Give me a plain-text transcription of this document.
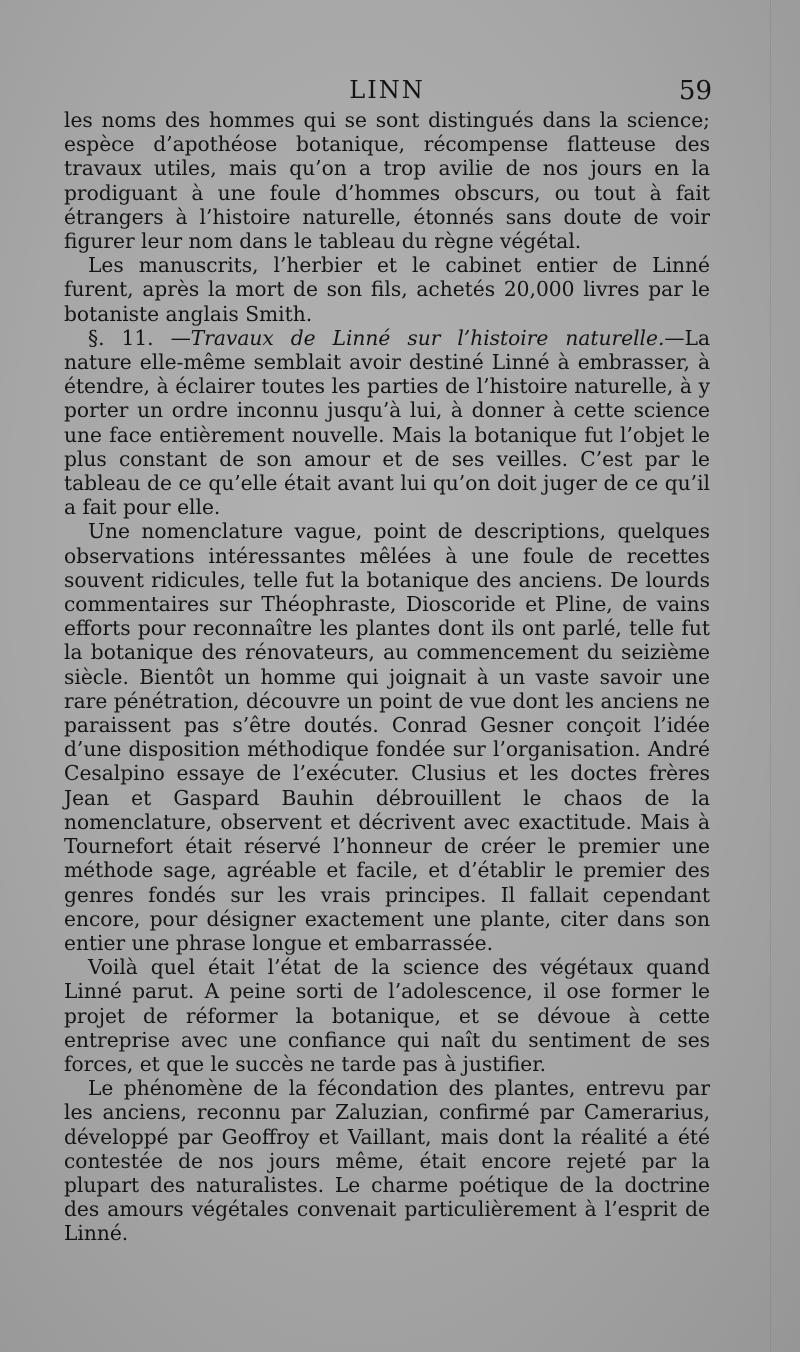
LINN	59

les noms des hommes qui se sont distingués dans la science; espèce d’apothéose botanique, récompense flatteuse des travaux utiles, mais qu’on a trop avilie de nos jours en la prodiguant à une foule d’hommes obscurs, ou tout à fait étrangers à l’histoire naturelle, étonnés sans doute de voir figurer leur nom dans le tableau du règne végétal.

Les manuscrits, l’herbier et le cabinet entier de Linné furent, après la mort de son fils, achetés 20,000 livres par le botaniste anglais Smith.

§. 11. —Travaux de Linné sur l’histoire naturelle.—La nature elle-même semblait avoir destiné Linné à embrasser, à étendre, à éclairer toutes les parties de l’histoire naturelle, à y porter un ordre inconnu jusqu’à lui, à donner à cette science une face entièrement nouvelle. Mais la botanique fut l’objet le plus constant de son amour et de ses veilles. C’est par le tableau de ce qu’elle était avant lui qu’on doit juger de ce qu’il a fait pour elle.

Une nomenclature vague, point de descriptions, quelques observations intéressantes mêlées à une foule de recettes souvent ridicules, telle fut la botanique des anciens. De lourds commentaires sur Théophraste, Dioscoride et Pline, de vains efforts pour reconnaître les plantes dont ils ont parlé, telle fut la botanique des rénovateurs, au commencement du seizième siècle. Bientôt un homme qui joignait à un vaste savoir une rare pénétration, découvre un point de vue dont les anciens ne paraissent pas s’être doutés. Conrad Gesner conçoit l’idée d’une disposition méthodique fondée sur l’organisation. André Cesalpino essaye de l’exécuter. Clusius et les doctes frères Jean et Gaspard Bauhin débrouillent le chaos de la nomenclature, observent et décrivent avec exactitude. Mais à Tournefort était réservé l’honneur de créer le premier une méthode sage, agréable et facile, et d’établir le premier des genres fondés sur les vrais principes. Il fallait cependant encore, pour désigner exactement une plante, citer dans son entier une phrase longue et embarrassée.

Voilà quel était l’état de la science des végétaux quand Linné parut. A peine sorti de l’adolescence, il ose former le projet de réformer la botanique, et se dévoue à cette entreprise avec une confiance qui naît du sentiment de ses forces, et que le succès ne tarde pas à justifier.

Le phénomène de la fécondation des plantes, entrevu par les anciens, reconnu par Zaluzian, confirmé par Camerarius, développé par Geoffroy et Vaillant, mais dont la réalité a été contestée de nos jours même, était encore rejeté par la plupart des naturalistes. Le charme poétique de la doctrine des amours végétales convenait particulièrement à l’esprit de Linné.
